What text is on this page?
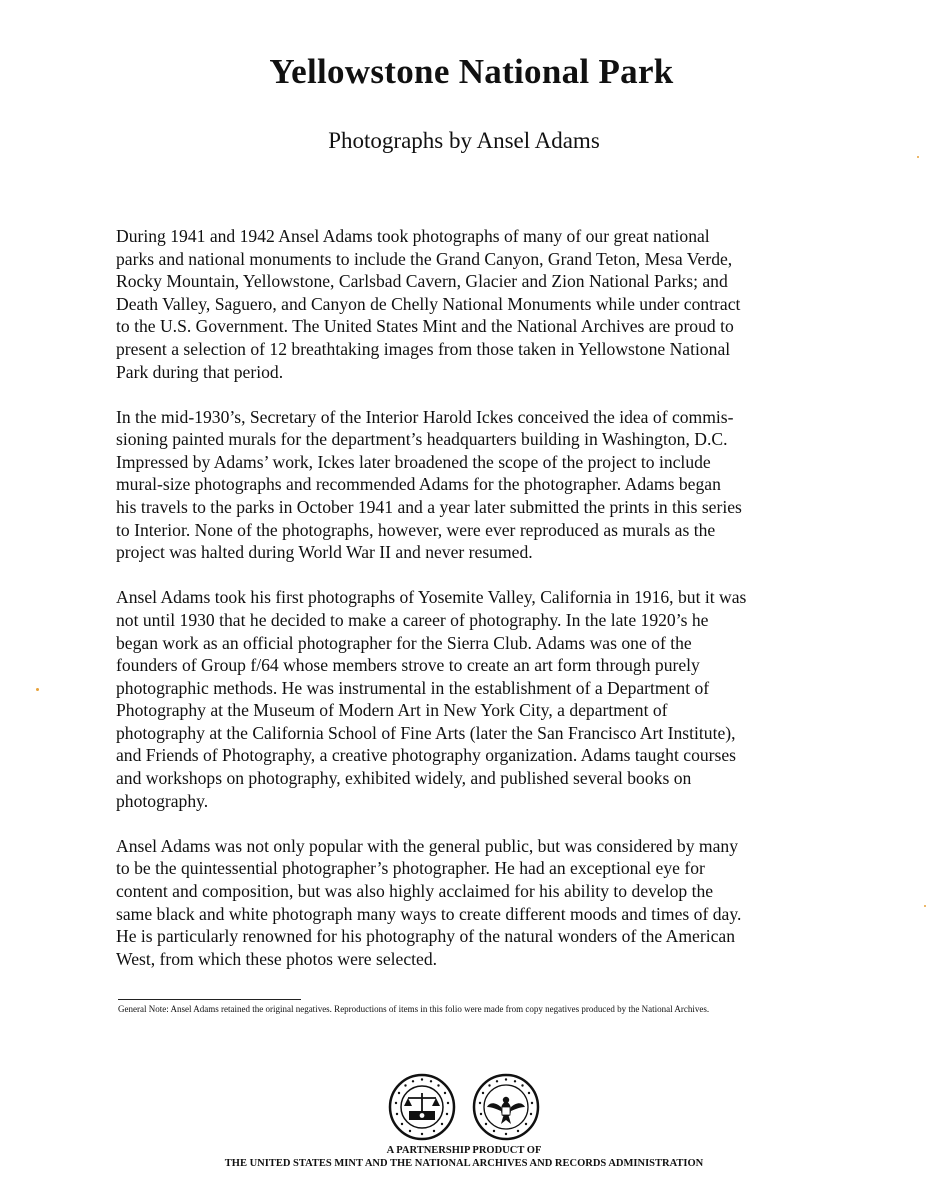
Yellowstone National Park
Photographs by Ansel Adams

During 1941 and 1942 Ansel Adams took photographs of many of our great national
parks and national monuments to include the Grand Canyon, Grand Teton, Mesa Verde,
Rocky Mountain, Yellowstone, Carlsbad Cavern, Glacier and Zion National Parks; and
Death Valley, Saguero, and Canyon de Chelly National Monuments while under contract
to the U.S. Government. The United States Mint and the National Archives are proud to
present a selection of 12 breathtaking images from those taken in Yellowstone National
Park during that period.

In the mid-1930’s, Secretary of the Interior Harold Ickes conceived the idea of commis-
sioning painted murals for the department’s headquarters building in Washington, D.C.
Impressed by Adams’ work, Ickes later broadened the scope of the project to include
mural-size photographs and recommended Adams for the photographer. Adams began
his travels to the parks in October 1941 and a year later submitted the prints in this series
to Interior. None of the photographs, however, were ever reproduced as murals as the
project was halted during World War II and never resumed.

Ansel Adams took his first photographs of Yosemite Valley, California in 1916, but it was
not until 1930 that he decided to make a career of photography. In the late 1920’s he
began work as an official photographer for the Sierra Club. Adams was one of the
founders of Group f/64 whose members strove to create an art form through purely
photographic methods. He was instrumental in the establishment of a Department of
Photography at the Museum of Modern Art in New York City, a department of
photography at the California School of Fine Arts (later the San Francisco Art Institute),
and Friends of Photography, a creative photography organization. Adams taught courses
and workshops on photography, exhibited widely, and published several books on
photography.

Ansel Adams was not only popular with the general public, but was considered by many
to be the quintessential photographer’s photographer. He had an exceptional eye for
content and composition, but was also highly acclaimed for his ability to develop the
same black and white photograph many ways to create different moods and times of day.
He is particularly renowned for his photography of the natural wonders of the American
West, from which these photos were selected.

General Note: Ansel Adams retained the original negatives. Reproductions of items in this folio were made from copy negatives produced by the National Archives.
A PARTNERSHIP PRODUCT OF
THE UNITED STATES MINT AND THE NATIONAL ARCHIVES AND RECORDS ADMINISTRATION
